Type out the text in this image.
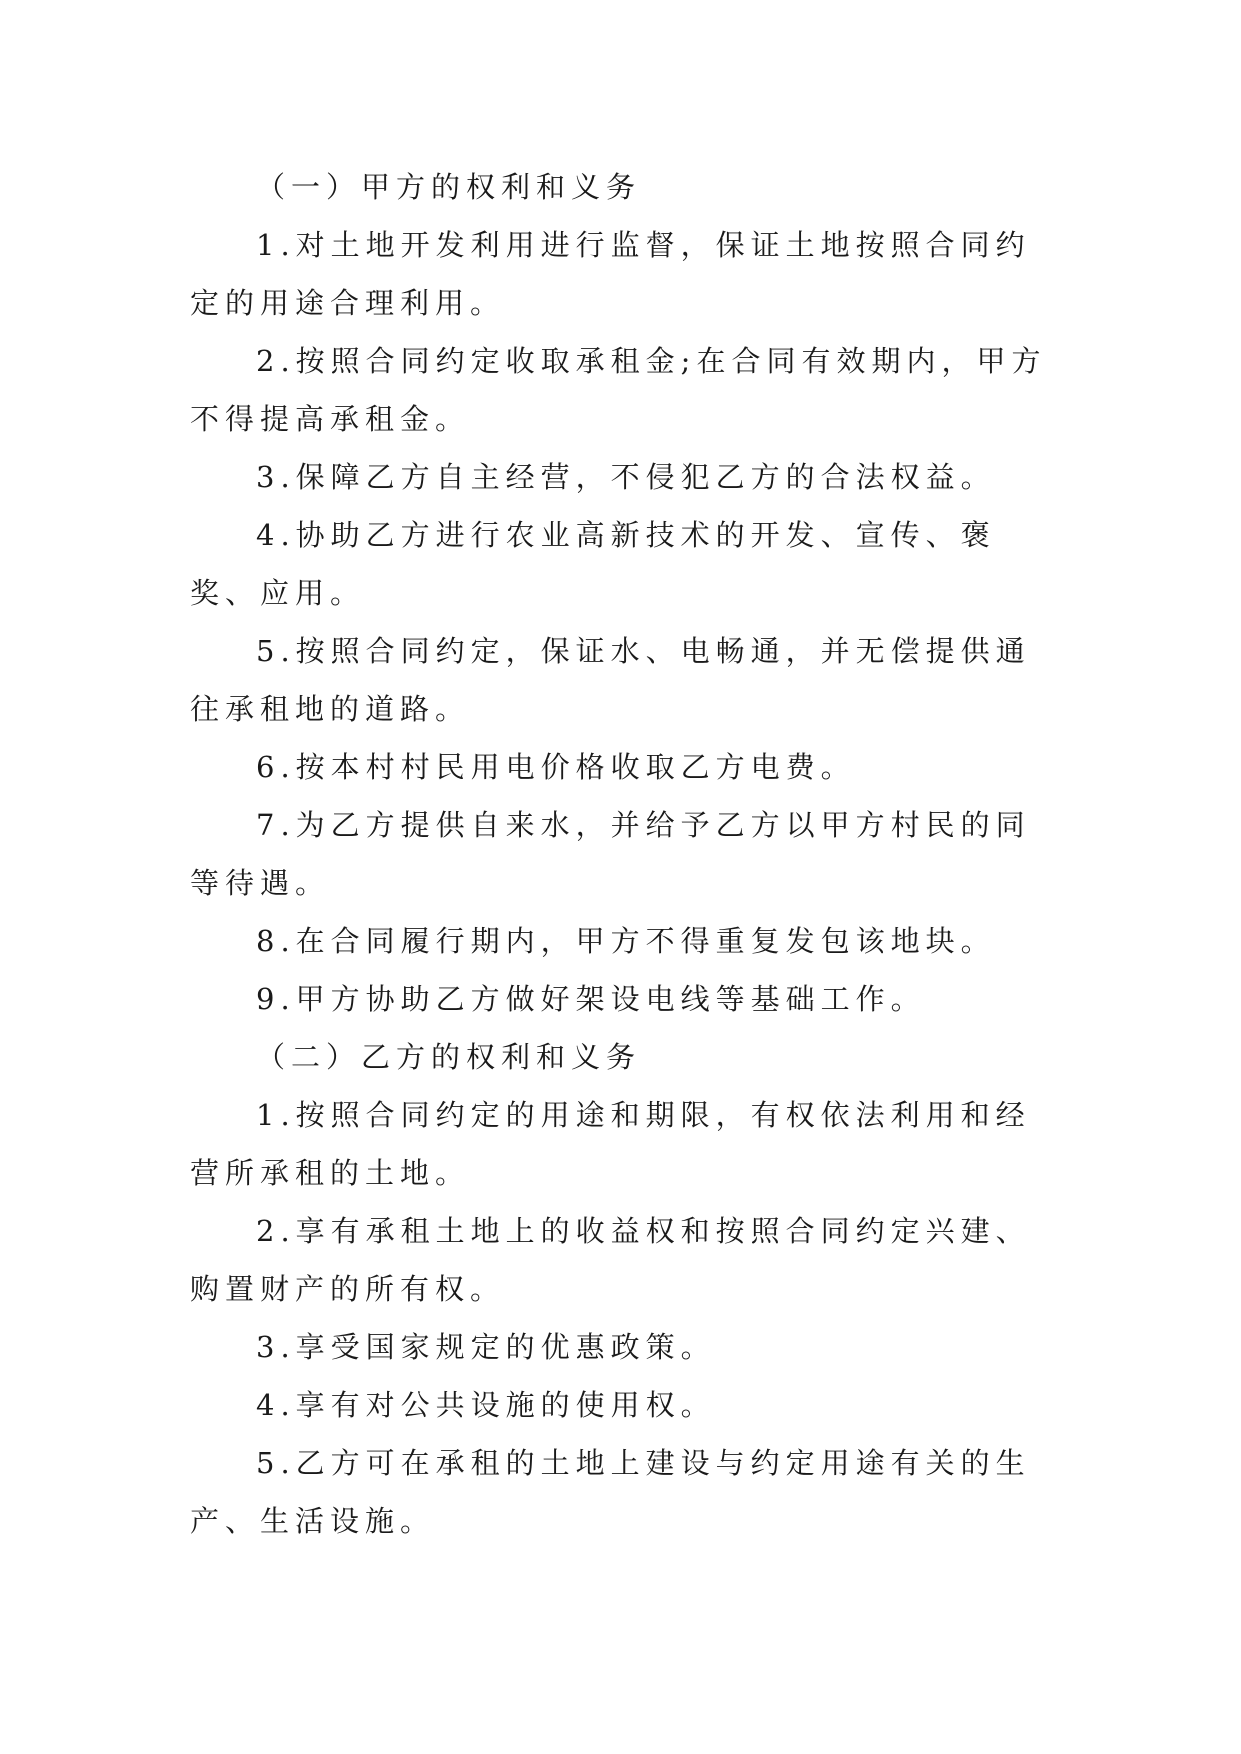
（一）甲方的权利和义务

1.对土地开发利用进行监督，保证土地按照合同约定的用途合理利用。

2.按照合同约定收取承租金;在合同有效期内，甲方不得提高承租金。

3.保障乙方自主经营，不侵犯乙方的合法权益。

4.协助乙方进行农业高新技术的开发、宣传、褒奖、应用。

5.按照合同约定，保证水、电畅通，并无偿提供通往承租地的道路。

6.按本村村民用电价格收取乙方电费。

7.为乙方提供自来水，并给予乙方以甲方村民的同等待遇。

8.在合同履行期内，甲方不得重复发包该地块。

9.甲方协助乙方做好架设电线等基础工作。

（二）乙方的权利和义务

1.按照合同约定的用途和期限，有权依法利用和经营所承租的土地。

2.享有承租土地上的收益权和按照合同约定兴建、购置财产的所有权。

3.享受国家规定的优惠政策。

4.享有对公共设施的使用权。

5.乙方可在承租的土地上建设与约定用途有关的生产、生活设施。
